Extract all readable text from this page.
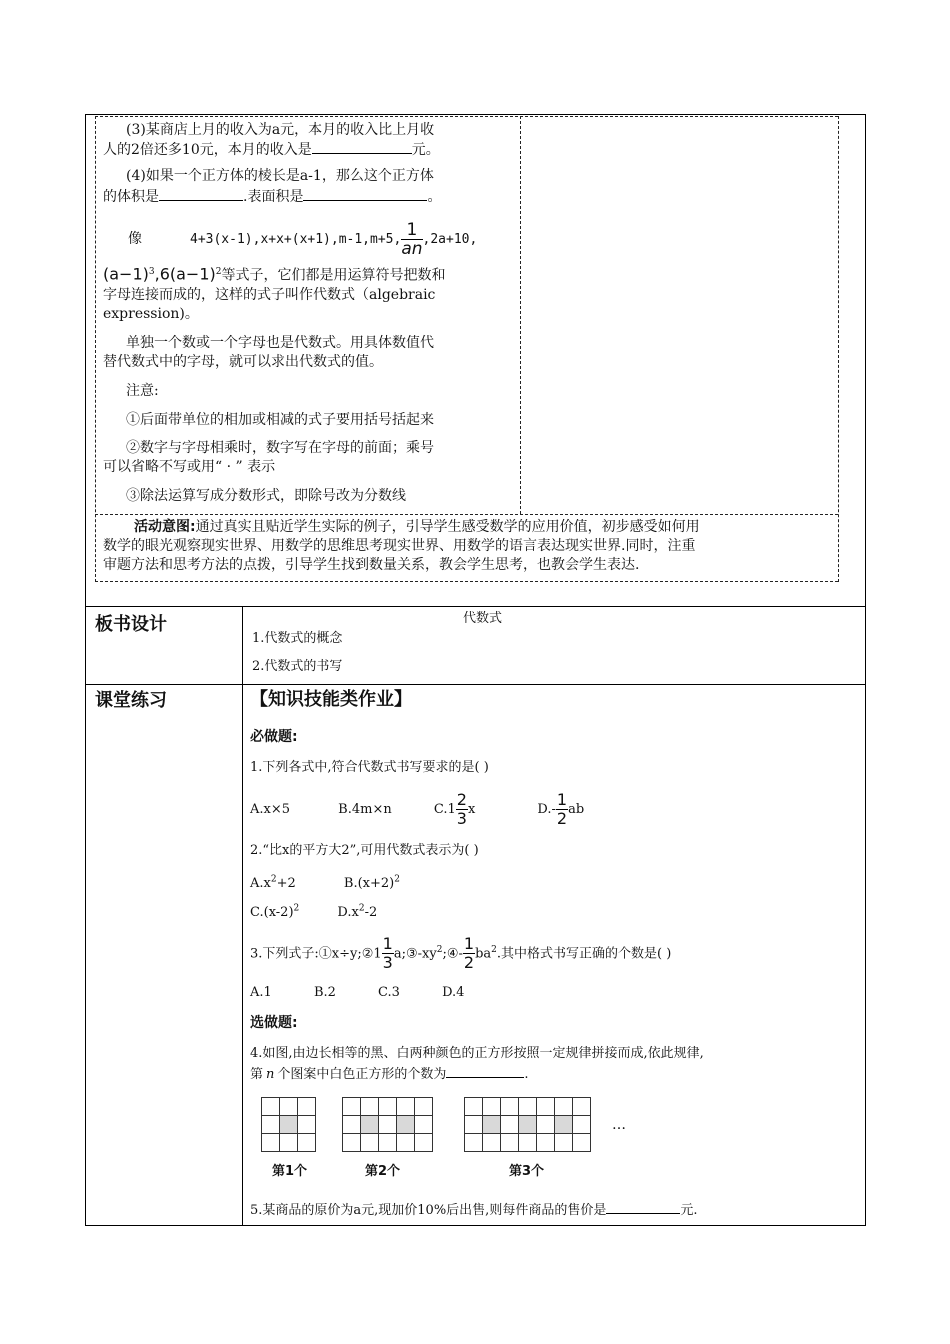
(3)某商店上月的收入为a元，本月的收入比上月收
人的2倍还多10元，本月的收入是	元。
(4)如果一个正方体的棱长是a-1，那么这个正方体
的体积是	.表面积是	。
像	4+3(x-1),x+x+(x+1),m-1,m+5, $\frac{1}{an} ,2a+10$,
$(a-1)^3,6(a-1)^2$等式子，它们都是用运算符号把数和
字母连接而成的，这样的式子叫作代数式（algebraic
expression)。
单独一个数或一个字母也是代数式。用具体数值代
替代数式中的字母，就可以求出代数式的值。
注意:
①后面带单位的相加或相减的式子要用括号括起来
②数字与字母相乘时，数字写在字母的前面；乘号
可以省略不写或用“ · ” 表示
③除法运算写成分数形式，即除号改为分数线
活动意图:通过真实且贴近学生实际的例子，引导学生感受数学的应用价值，初步感受如何用
数学的眼光观察现实世界、用数学的思维思考现实世界、用数学的语言表达现实世界.同时，注重
审题方法和思考方法的点拨，引导学生找到数量关系，教会学生思考，也教会学生表达.
板书设计	代数式
1.代数式的概念
2.代数式的书写
课堂练习	【知识技能类作业】
必做题:
1.下列各式中,符合代数式书写要求的是( )
A.x×5	B.4m×n	$C.1 \frac{2}{3}$ x	$D.- \frac{1}{2}$ ab
2.“比x的平方大2”,可用代数式表示为( )
$A.x^2+2$	$B.(x+2)^2$
$C.(x-2)^2$	$D.x^2-2$
3.下列式子:①x÷y;②1 $\frac{1}{3}$ $a;③-xy^2;④- \frac{1}{2} ba^2$.其中格式书写正确的个数是( )
A.1	B.2	C.3	D.4
选做题:
4.如图,由边长相等的黑、白两种颜色的正方形按照一定规律拼接而成,依此规律,
第 n 个图案中白色正方形的个数为	.

…
第1个	第2个	第3个
5.某商品的原价为a元,现加价10%后出售,则每件商品的售价是	元.
